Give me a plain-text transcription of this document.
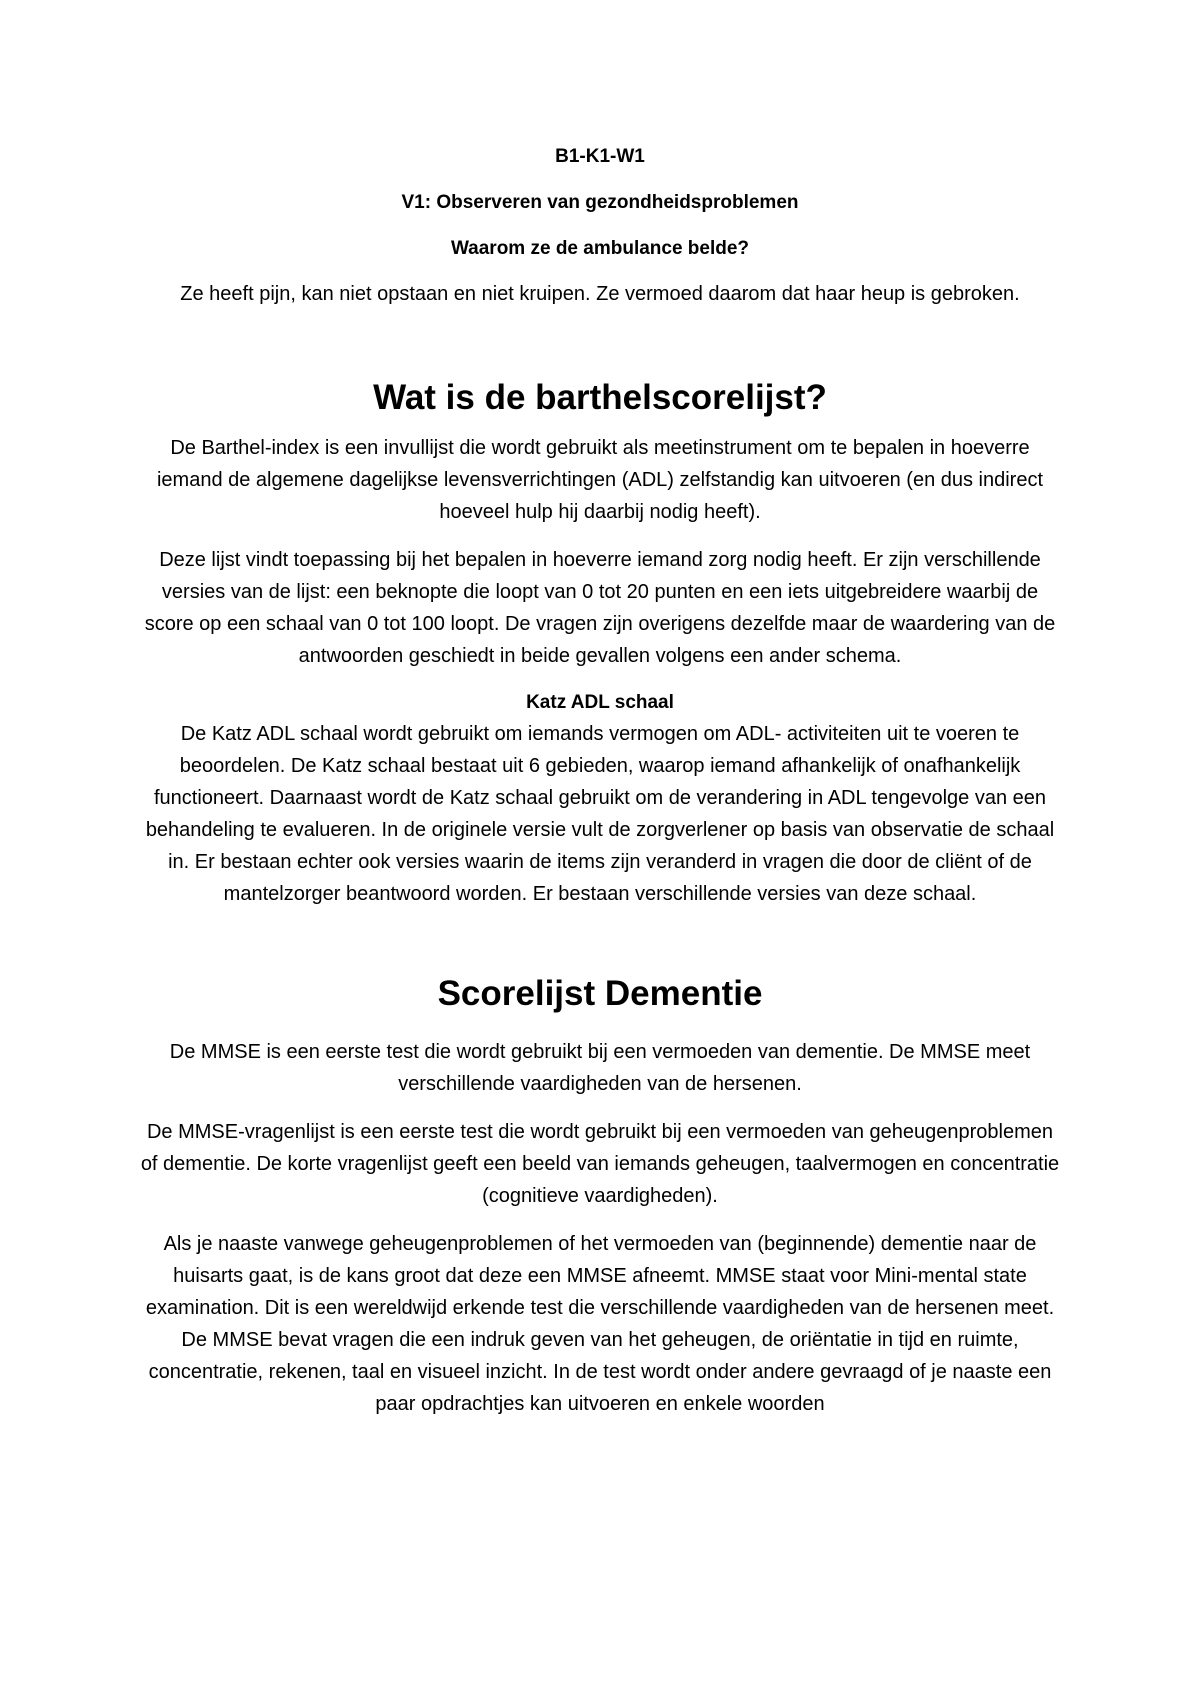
B1-K1-W1

V1: Observeren van gezondheidsproblemen

Waarom ze de ambulance belde?

Ze heeft pijn, kan niet opstaan en niet kruipen. Ze vermoed daarom dat haar heup is gebroken.

Wat is de barthelscorelijst?

De Barthel-index is een invullijst die wordt gebruikt als meetinstrument om te bepalen in hoeverre iemand de algemene dagelijkse levensverrichtingen (ADL) zelfstandig kan uitvoeren (en dus indirect hoeveel hulp hij daarbij nodig heeft).

Deze lijst vindt toepassing bij het bepalen in hoeverre iemand zorg nodig heeft. Er zijn verschillende versies van de lijst: een beknopte die loopt van 0 tot 20 punten en een iets uitgebreidere waarbij de score op een schaal van 0 tot 100 loopt. De vragen zijn overigens dezelfde maar de waardering van de antwoorden geschiedt in beide gevallen volgens een ander schema.

Katz ADL schaal

De Katz ADL schaal wordt gebruikt om iemands vermogen om ADL- activiteiten uit te voeren te beoordelen. De Katz schaal bestaat uit 6 gebieden, waarop iemand afhankelijk of onafhankelijk functioneert. Daarnaast wordt de Katz schaal gebruikt om de verandering in ADL tengevolge van een behandeling te evalueren. In de originele versie vult de zorgverlener op basis van observatie de schaal in. Er bestaan echter ook versies waarin de items zijn veranderd in vragen die door de cliënt of de mantelzorger beantwoord worden. Er bestaan verschillende versies van deze schaal.

Scorelijst Dementie

De MMSE is een eerste test die wordt gebruikt bij een vermoeden van dementie. De MMSE meet verschillende vaardigheden van de hersenen.

De MMSE-vragenlijst is een eerste test die wordt gebruikt bij een vermoeden van geheugenproblemen of dementie. De korte vragenlijst geeft een beeld van iemands geheugen, taalvermogen en concentratie (cognitieve vaardigheden).

Als je naaste vanwege geheugenproblemen of het vermoeden van (beginnende) dementie naar de huisarts gaat, is de kans groot dat deze een MMSE afneemt. MMSE staat voor Mini-mental state examination. Dit is een wereldwijd erkende test die verschillende vaardigheden van de hersenen meet. De MMSE bevat vragen die een indruk geven van het geheugen, de oriëntatie in tijd en ruimte, concentratie, rekenen, taal en visueel inzicht. In de test wordt onder andere gevraagd of je naaste een paar opdrachtjes kan uitvoeren en enkele woorden
